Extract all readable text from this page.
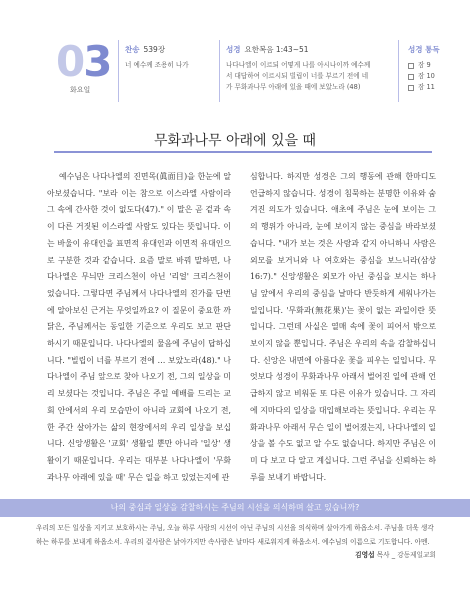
03
화요일
찬송 539장
너 예수께 조용히 나가
성경 요한복음 1:43~51
나다나엘이 이르되 어떻게 나를 아시나이까 예수께
서 대답하여 이르시되 빌립이 너를 부르기 전에 네
가 무화과나무 아래에 있을 때에 보았노라 (48)
성경 통독
잠 9
잠 10
잠 11
무화과나무 아래에 있을 때

예수님은 나다나엘의 진면목(眞面目)을 한눈에 알아보셨습니다. "보라 이는 참으로 이스라엘 사람이라 그 속에 간사한 것이 없도다(47)." 이 말은 곧 겉과 속이 다른 거짓된 이스라엘 사람도 있다는 뜻입니다. 이는 바울이 유대인을 표면적 유대인과 이면적 유대인으로 구분한 것과 같습니다. 요즘 말로 바꿔 말하면, 나다나엘은 무늬만 크리스천이 아닌 '리얼' 크리스천이었습니다. 그렇다면 주님께서 나다나엘의 진가를 단번에 알아보신 근거는 무엇일까요? 이 질문이 중요한 까닭은, 주님께서는 동일한 기준으로 우리도 보고 판단하시기 때문입니다. 나다나엘의 물음에 주님이 답하십니다. "빌립이 너를 부르기 전에 … 보았노라(48)." 나다나엘이 주님 앞으로 찾아 나오기 전, 그의 일상을 미리 보셨다는 것입니다. 주님은 주일 예배를 드리는 교회 안에서의 우리 모습만이 아니라 교회에 나오기 전, 한 주간 살아가는 삶의 현장에서의 우리 일상을 보십니다. 신앙생활은 '교회' 생활일 뿐만 아니라 '일상' 생활이기 때문입니다. 우리는 대부분 나다나엘이 '무화과나무 아래에 있을 때' 무슨 일을 하고 있었는지에 관

심합니다. 하지만 성경은 그의 행동에 관해 한마디도 언급하지 않습니다. 성경이 침묵하는 분명한 이유와 숨겨진 의도가 있습니다. 애초에 주님은 눈에 보이는 그의 행위가 아니라, 눈에 보이지 않는 중심을 바라보셨습니다. "내가 보는 것은 사람과 같지 아니하니 사람은 외모를 보거니와 나 여호와는 중심을 보느니라(삼상 16:7)." 신앙생활은 외모가 아닌 중심을 보시는 하나님 앞에서 우리의 중심을 날마다 반듯하게 세워나가는 일입니다. '무화과(無花果)'는 꽃이 없는 과일이란 뜻입니다. 그런데 사실은 열매 속에 꽃이 피어서 밖으로 보이지 않을 뿐입니다. 주님은 우리의 속을 감찰하십니다. 신앙은 내면에 아름다운 꽃을 피우는 일입니다. 무엇보다 성경이 무화과나무 아래서 벌어진 일에 관해 언급하지 않고 비워둔 또 다른 이유가 있습니다. 그 자리에 지마다의 일상을 대입해보라는 뜻입니다. 우리는 무화과나무 아래서 무슨 일이 벌어졌는지, 나다나엘의 일상을 볼 수도 없고 알 수도 없습니다. 하지만 주님은 이미 다 보고 다 알고 계십니다. 그런 주님을 신뢰하는 하루를 보내기 바랍니다.

나의 중심과 일상을 감찰하시는 주님의 시선을 의식하며 살고 있습니까?
우리의 모든 일상을 지키고 보호하시는 주님, 오늘 하루 사람의 시선이 아닌 주님의 시선을 의식하며 살아가게 하옵소서. 주님을 더욱 생각하는 하루를 보내게 하옵소서. 우리의 겉사람은 낡아가지만 속사람은 날마다 새로워지게 하옵소서. 예수님의 이름으로 기도합니다. 아멘.
김영섭 목사 _ 강동제일교회
